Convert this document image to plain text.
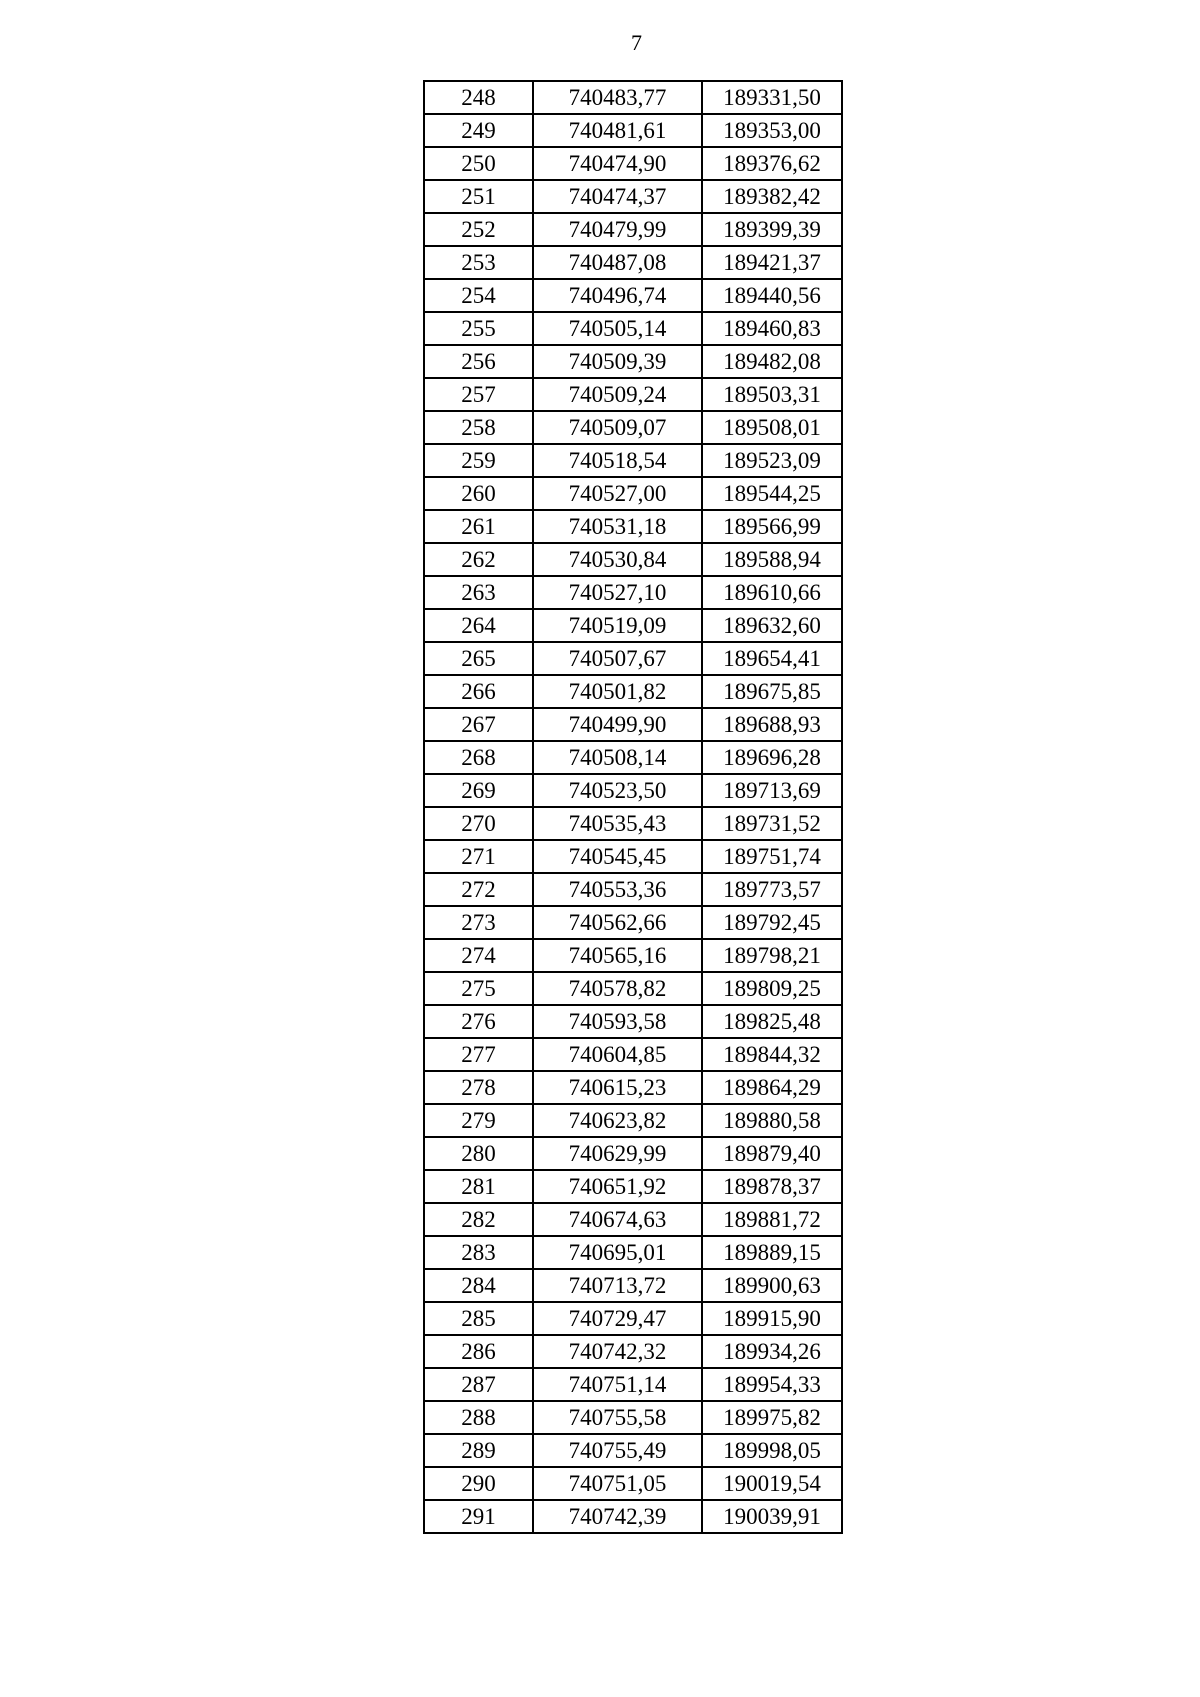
7
248	740483,77	189331,50
249	740481,61	189353,00
250	740474,90	189376,62
251	740474,37	189382,42
252	740479,99	189399,39
253	740487,08	189421,37
254	740496,74	189440,56
255	740505,14	189460,83
256	740509,39	189482,08
257	740509,24	189503,31
258	740509,07	189508,01
259	740518,54	189523,09
260	740527,00	189544,25
261	740531,18	189566,99
262	740530,84	189588,94
263	740527,10	189610,66
264	740519,09	189632,60
265	740507,67	189654,41
266	740501,82	189675,85
267	740499,90	189688,93
268	740508,14	189696,28
269	740523,50	189713,69
270	740535,43	189731,52
271	740545,45	189751,74
272	740553,36	189773,57
273	740562,66	189792,45
274	740565,16	189798,21
275	740578,82	189809,25
276	740593,58	189825,48
277	740604,85	189844,32
278	740615,23	189864,29
279	740623,82	189880,58
280	740629,99	189879,40
281	740651,92	189878,37
282	740674,63	189881,72
283	740695,01	189889,15
284	740713,72	189900,63
285	740729,47	189915,90
286	740742,32	189934,26
287	740751,14	189954,33
288	740755,58	189975,82
289	740755,49	189998,05
290	740751,05	190019,54
291	740742,39	190039,91
